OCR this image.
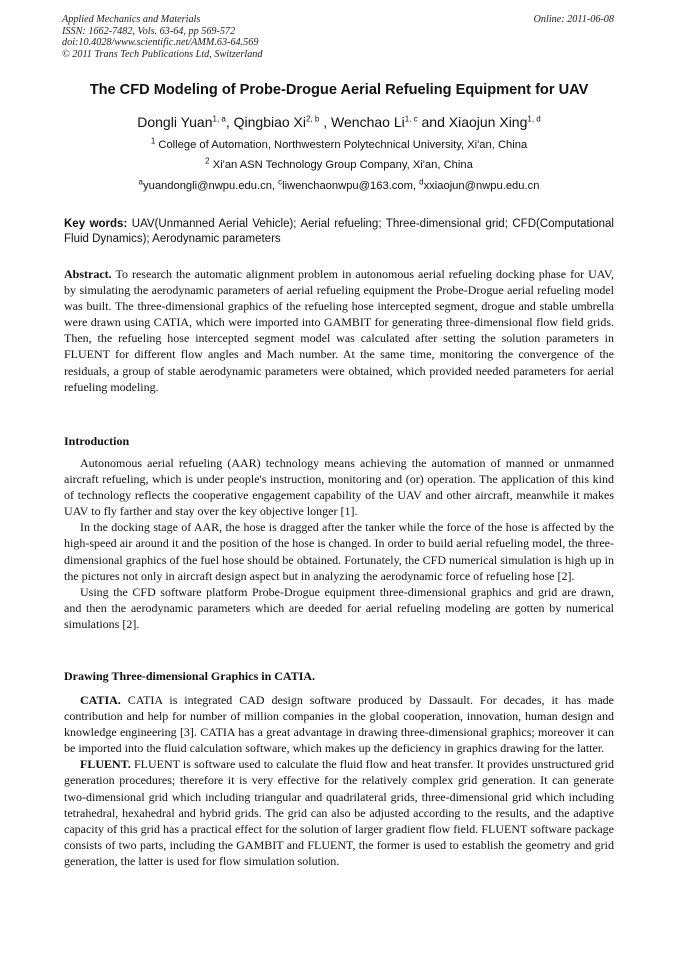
Applied Mechanics and Materials
ISSN: 1662-7482, Vols. 63-64, pp 569-572
doi:10.4028/www.scientific.net/AMM.63-64.569
© 2011 Trans Tech Publications Ltd, Switzerland
Online: 2011-06-08
The CFD Modeling of Probe-Drogue Aerial Refueling Equipment for UAV
Dongli Yuan$^{1, a}$, Qingbiao Xi$^{2, b}$ , Wenchao Li$^{1, c}$ and Xiaojun Xing$^{1, d}$
$^1$ College of Automation, Northwestern Polytechnical University, Xi'an, China
$^2$ Xi'an ASN Technology Group Company, Xi'an, China
$^a$yuandongli@nwpu.edu.cn, $^c$liwenchaonwpu@163.com, $^d$xxiaojun@nwpu.edu.cn
Key words: UAV(Unmanned Aerial Vehicle); Aerial refueling; Three-dimensional grid; CFD(Computational Fluid Dynamics); Aerodynamic parameters
Abstract. To research the automatic alignment problem in autonomous aerial refueling docking phase for UAV, by simulating the aerodynamic parameters of aerial refueling equipment the Probe-Drogue aerial refueling model was built. The three-dimensional graphics of the refueling hose intercepted segment, drogue and stable umbrella were drawn using CATIA, which were imported into GAMBIT for generating three-dimensional flow field grids. Then, the refueling hose intercepted segment model was calculated after setting the solution parameters in FLUENT for different flow angles and Mach number. At the same time, monitoring the convergence of the residuals, a group of stable aerodynamic parameters were obtained, which provided needed parameters for aerial refueling modeling.
Introduction

Autonomous aerial refueling (AAR) technology means achieving the automation of manned or unmanned aircraft refueling, which is under people's instruction, monitoring and (or) operation. The application of this kind of technology reflects the cooperative engagement capability of the UAV and other aircraft, meanwhile it makes UAV to fly farther and stay over the key objective longer [1].

In the docking stage of AAR, the hose is dragged after the tanker while the force of the hose is affected by the high-speed air around it and the position of the hose is changed. In order to build aerial refueling model, the three-dimensional graphics of the fuel hose should be obtained. Fortunately, the CFD numerical simulation is high up in the pictures not only in aircraft design aspect but in analyzing the aerodynamic force of refueling hose [2].

Using the CFD software platform Probe-Drogue equipment three-dimensional graphics and grid are drawn, and then the aerodynamic parameters which are deeded for aerial refueling modeling are gotten by numerical simulations [2].

Drawing Three-dimensional Graphics in CATIA.

CATIA. CATIA is integrated CAD design software produced by Dassault. For decades, it has made contribution and help for number of million companies in the global cooperation, innovation, human design and knowledge engineering [3]. CATIA has a great advantage in drawing three-dimensional graphics; moreover it can be imported into the fluid calculation software, which makes up the deficiency in graphics drawing for the latter.

FLUENT. FLUENT is software used to calculate the fluid flow and heat transfer. It provides unstructured grid generation procedures; therefore it is very effective for the relatively complex grid generation. It can generate two-dimensional grid which including triangular and quadrilateral grids, three-dimensional grid which including tetrahedral, hexahedral and hybrid grids. The grid can also be adjusted according to the results, and the adaptive capacity of this grid has a practical effect for the solution of larger gradient flow field. FLUENT software package consists of two parts, including the GAMBIT and FLUENT, the former is used to establish the geometry and grid generation, the latter is used for flow simulation solution.
